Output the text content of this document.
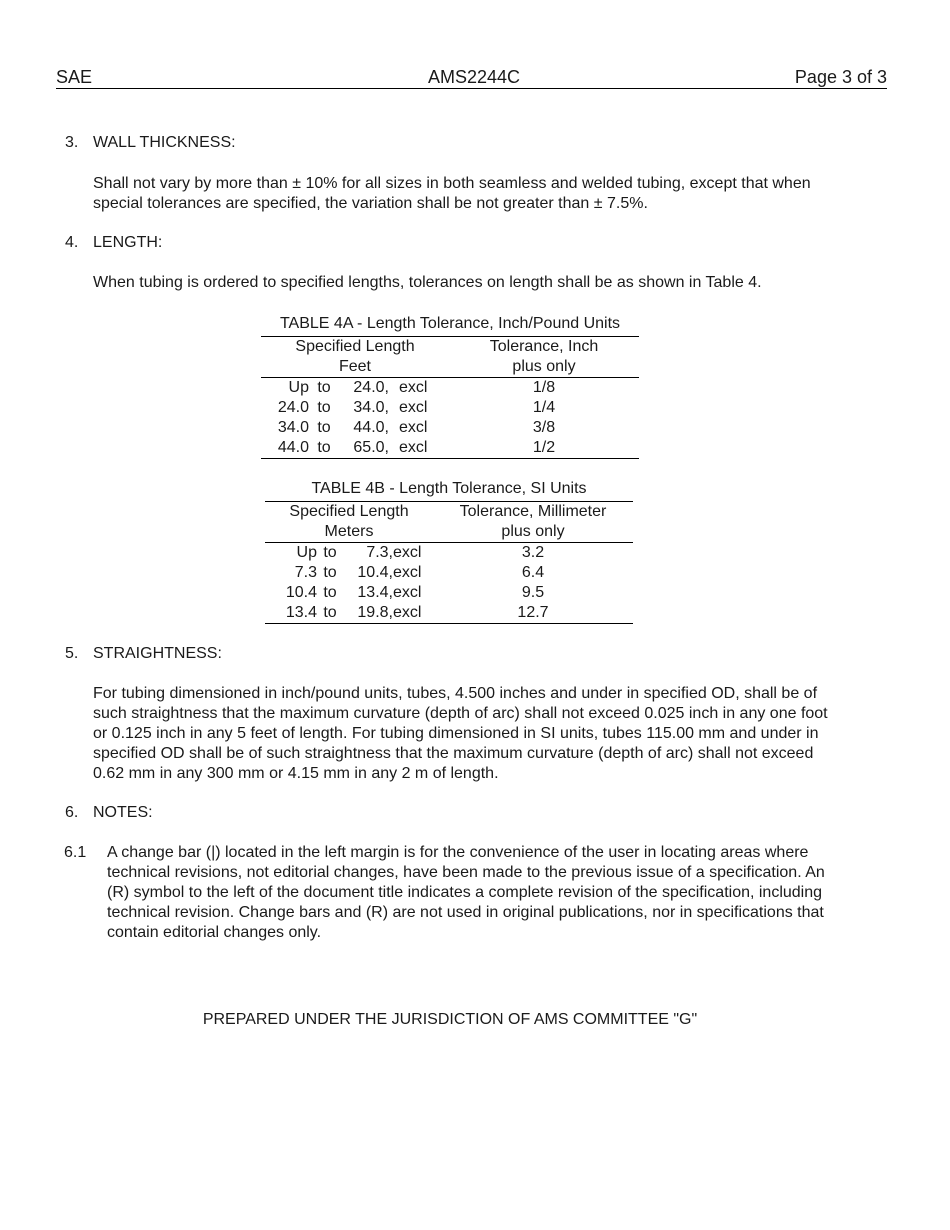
SAE	AMS2244C	Page 3 of 3
3. WALL THICKNESS:
Shall not vary by more than ± 10% for all sizes in both seamless and welded tubing, except that when special tolerances are specified, the variation shall be not greater than ± 7.5%.
4. LENGTH:
When tubing is ordered to specified lengths, tolerances on length shall be as shown in Table 4.
TABLE 4A - Length Tolerance, Inch/Pound Units
Specified Length				Tolerance, Inch
Feet				plus only
Up	to	24.0,	excl	1/8
24.0	to	34.0,	excl	1/4
34.0	to	44.0,	excl	3/8
44.0	to	65.0,	excl	1/2
TABLE 4B - Length Tolerance, SI Units
Specified Length				Tolerance, Millimeter
Meters				plus only
Up	to	7.3,	excl	3.2
7.3	to	10.4,	excl	6.4
10.4	to	13.4,	excl	9.5
13.4	to	19.8,	excl	12.7
5. STRAIGHTNESS:
For tubing dimensioned in inch/pound units, tubes, 4.500 inches and under in specified OD, shall be of such straightness that the maximum curvature (depth of arc) shall not exceed 0.025 inch in any one foot or 0.125 inch in any 5 feet of length. For tubing dimensioned in SI units, tubes 115.00 mm and under in specified OD shall be of such straightness that the maximum curvature (depth of arc) shall not exceed 0.62 mm in any 300 mm or 4.15 mm in any 2 m of length.
6. NOTES:
6.1 A change bar (|) located in the left margin is for the convenience of the user in locating areas where technical revisions, not editorial changes, have been made to the previous issue of a specification. An (R) symbol to the left of the document title indicates a complete revision of the specification, including technical revision. Change bars and (R) are not used in original publications, nor in specifications that contain editorial changes only.
PREPARED UNDER THE JURISDICTION OF AMS COMMITTEE "G"
